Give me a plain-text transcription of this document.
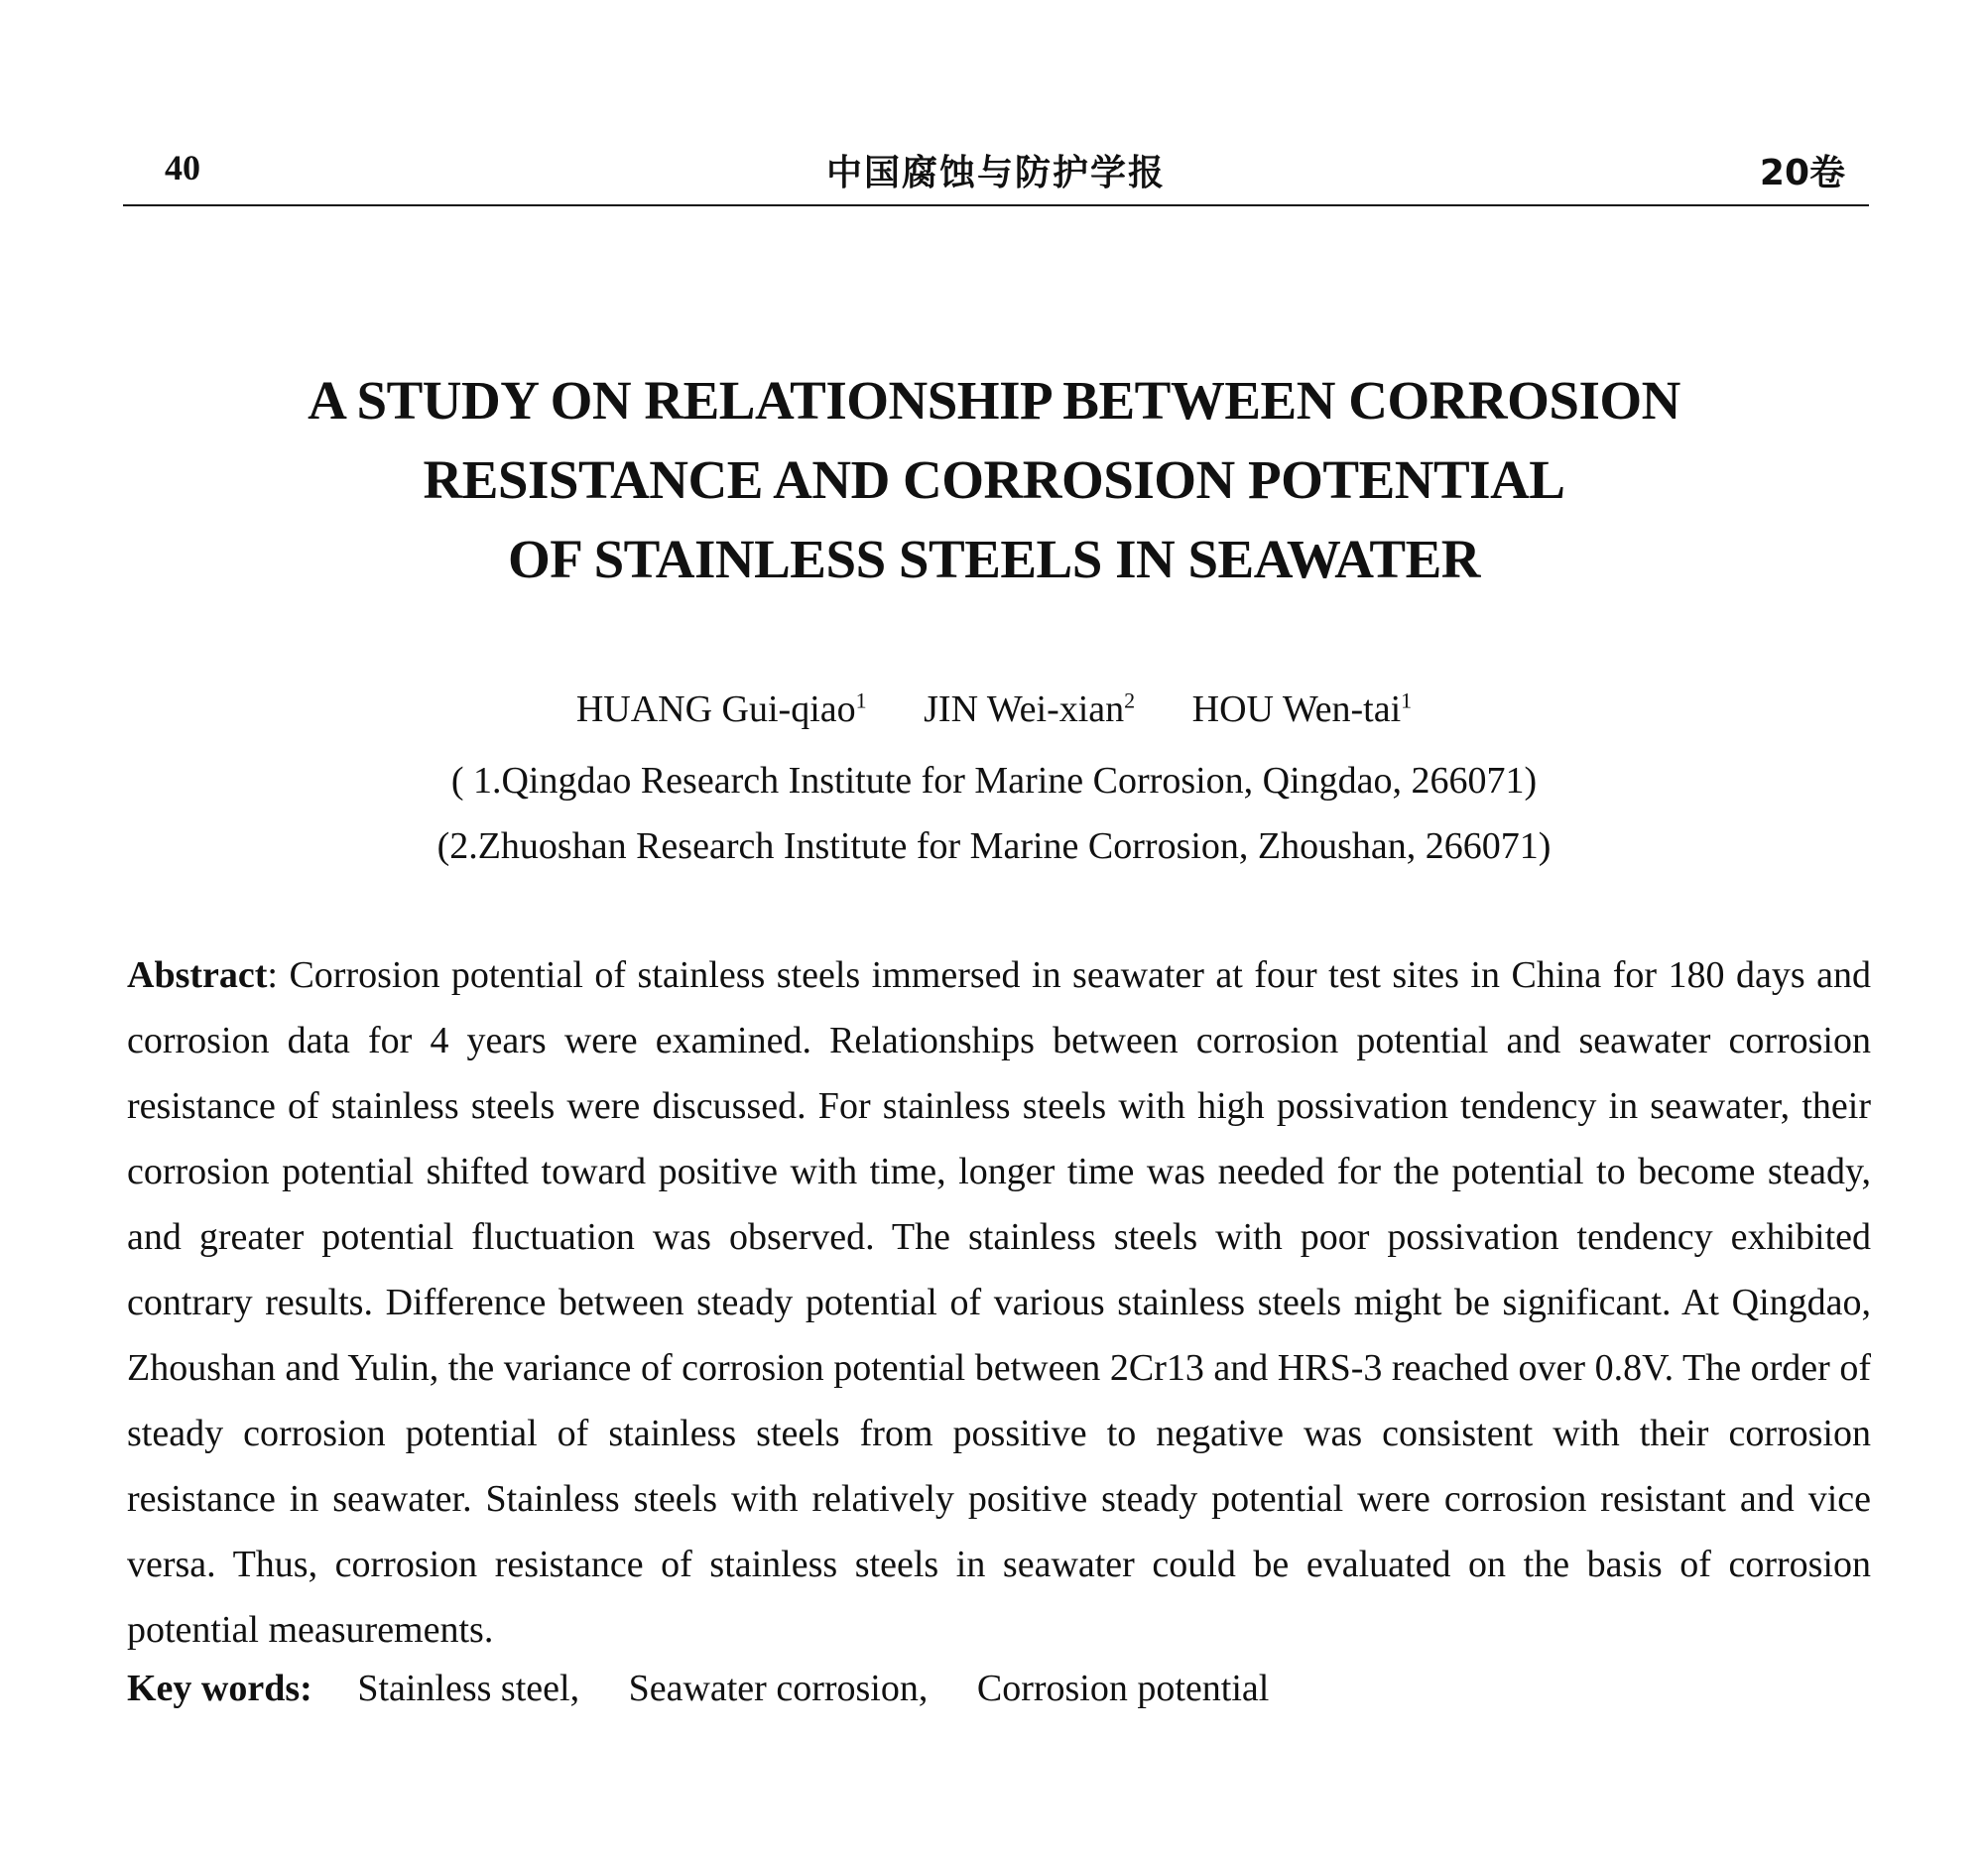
40	中国腐蚀与防护学报	20卷
A STUDY ON RELATIONSHIP BETWEEN CORROSION
RESISTANCE AND CORROSION POTENTIAL
OF STAINLESS STEELS IN SEAWATER
HUANG Gui-qiao$^1$ JIN Wei-xian$^2$ HOU Wen-tai$^1$
( 1.Qingdao Research Institute for Marine Corrosion, Qingdao, 266071)
(2.Zhuoshan Research Institute for Marine Corrosion, Zhoushan, 266071)

Abstract: Corrosion potential of stainless steels immersed in seawater at four test sites in China for 180 days and corrosion data for 4 years were examined. Relationships between corrosion potential and seawater corrosion resistance of stainless steels were discussed. For stainless steels with high possivation tendency in seawater, their corrosion potential shifted toward positive with time, longer time was needed for the potential to become steady, and greater potential fluctuation was observed. The stainless steels with poor possivation tendency exhibited contrary results. Difference between steady potential of various stainless steels might be significant. At Qingdao, Zhoushan and Yulin, the variance of corrosion potential between 2Cr13 and HRS-3 reached over 0.8V. The order of steady corrosion potential of stainless steels from possitive to negative was consistent with their corrosion resistance in seawater. Stainless steels with relatively positive steady potential were corrosion resistant and vice versa. Thus, corrosion resistance of stainless steels in seawater could be evaluated on the basis of corrosion potential measurements.

Key words: Stainless steel, Seawater corrosion, Corrosion potential
